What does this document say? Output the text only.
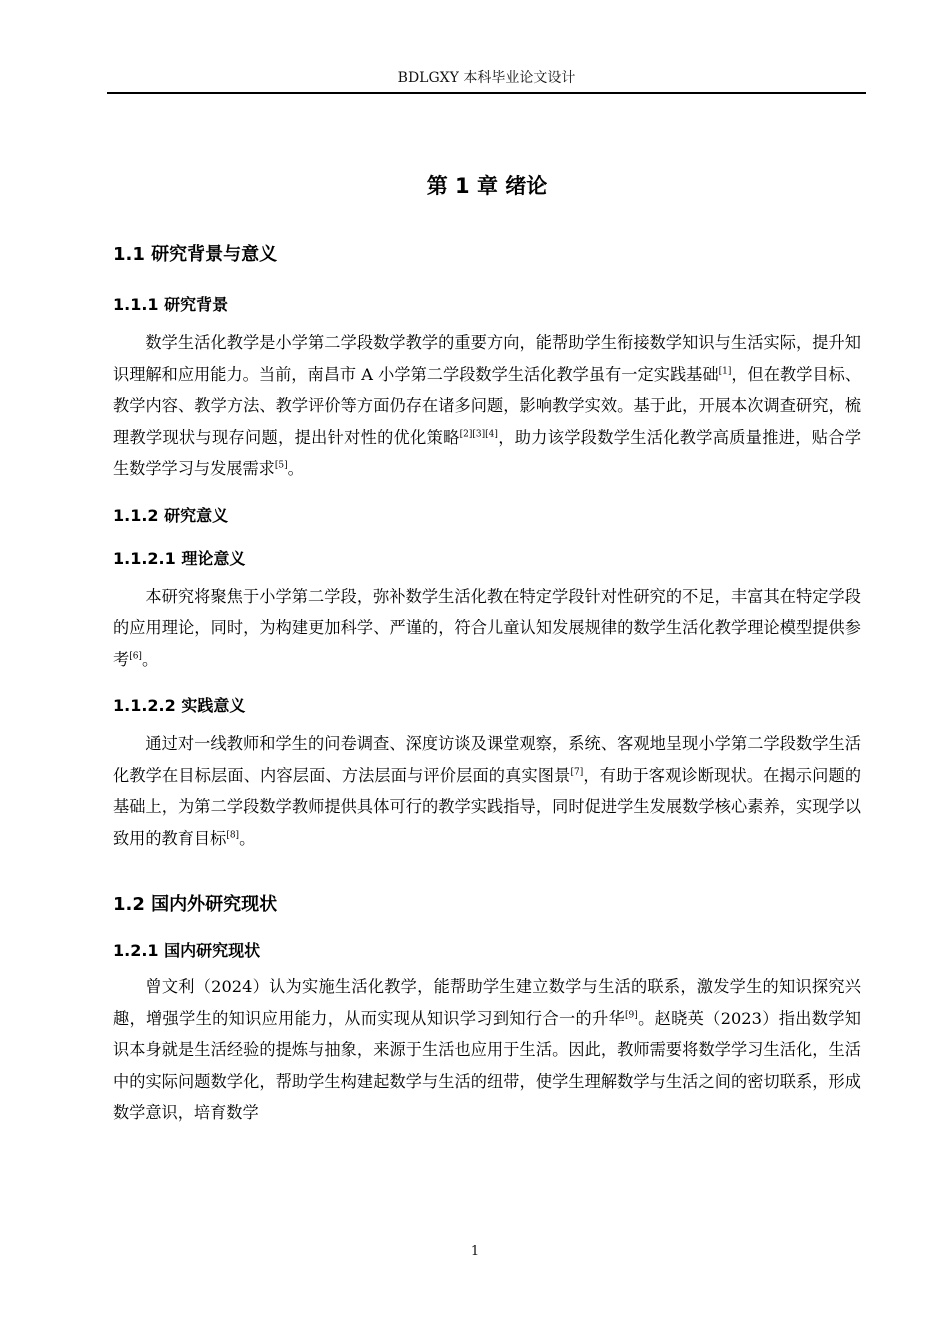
BDLGXY 本科毕业论文设计
第 1 章 绪论
1.1 研究背景与意义
1.1.1 研究背景

数学生活化教学是小学第二学段数学教学的重要方向，能帮助学生衔接数学知识与生活实际，提升知识理解和应用能力。当前，南昌市 A 小学第二学段数学生活化教学虽有一定实践基础[1]，但在教学目标、教学内容、教学方法、教学评价等方面仍存在诸多问题，影响教学实效。基于此，开展本次调查研究，梳理教学现状与现存问题，提出针对性的优化策略[2][3][4]，助力该学段数学生活化教学高质量推进，贴合学生数学学习与发展需求[5]。

1.1.2 研究意义
1.1.2.1 理论意义

本研究将聚焦于小学第二学段，弥补数学生活化教在特定学段针对性研究的不足，丰富其在特定学段的应用理论，同时，为构建更加科学、严谨的，符合儿童认知发展规律的数学生活化教学理论模型提供参考[6]。

1.1.2.2 实践意义

通过对一线教师和学生的问卷调查、深度访谈及课堂观察，系统、客观地呈现小学第二学段数学生活化教学在目标层面、内容层面、方法层面与评价层面的真实图景[7]，有助于客观诊断现状。在揭示问题的基础上，为第二学段数学教师提供具体可行的教学实践指导，同时促进学生发展数学核心素养，实现学以致用的教育目标[8]。

1.2 国内外研究现状
1.2.1 国内研究现状

曾文利（2024）认为实施生活化教学，能帮助学生建立数学与生活的联系，激发学生的知识探究兴趣，增强学生的知识应用能力，从而实现从知识学习到知行合一的升华[9]。赵晓英（2023）指出数学知识本身就是生活经验的提炼与抽象，来源于生活也应用于生活。因此，教师需要将数学学习生活化，生活中的实际问题数学化，帮助学生构建起数学与生活的纽带，使学生理解数学与生活之间的密切联系，形成数学意识，培育数学

1
